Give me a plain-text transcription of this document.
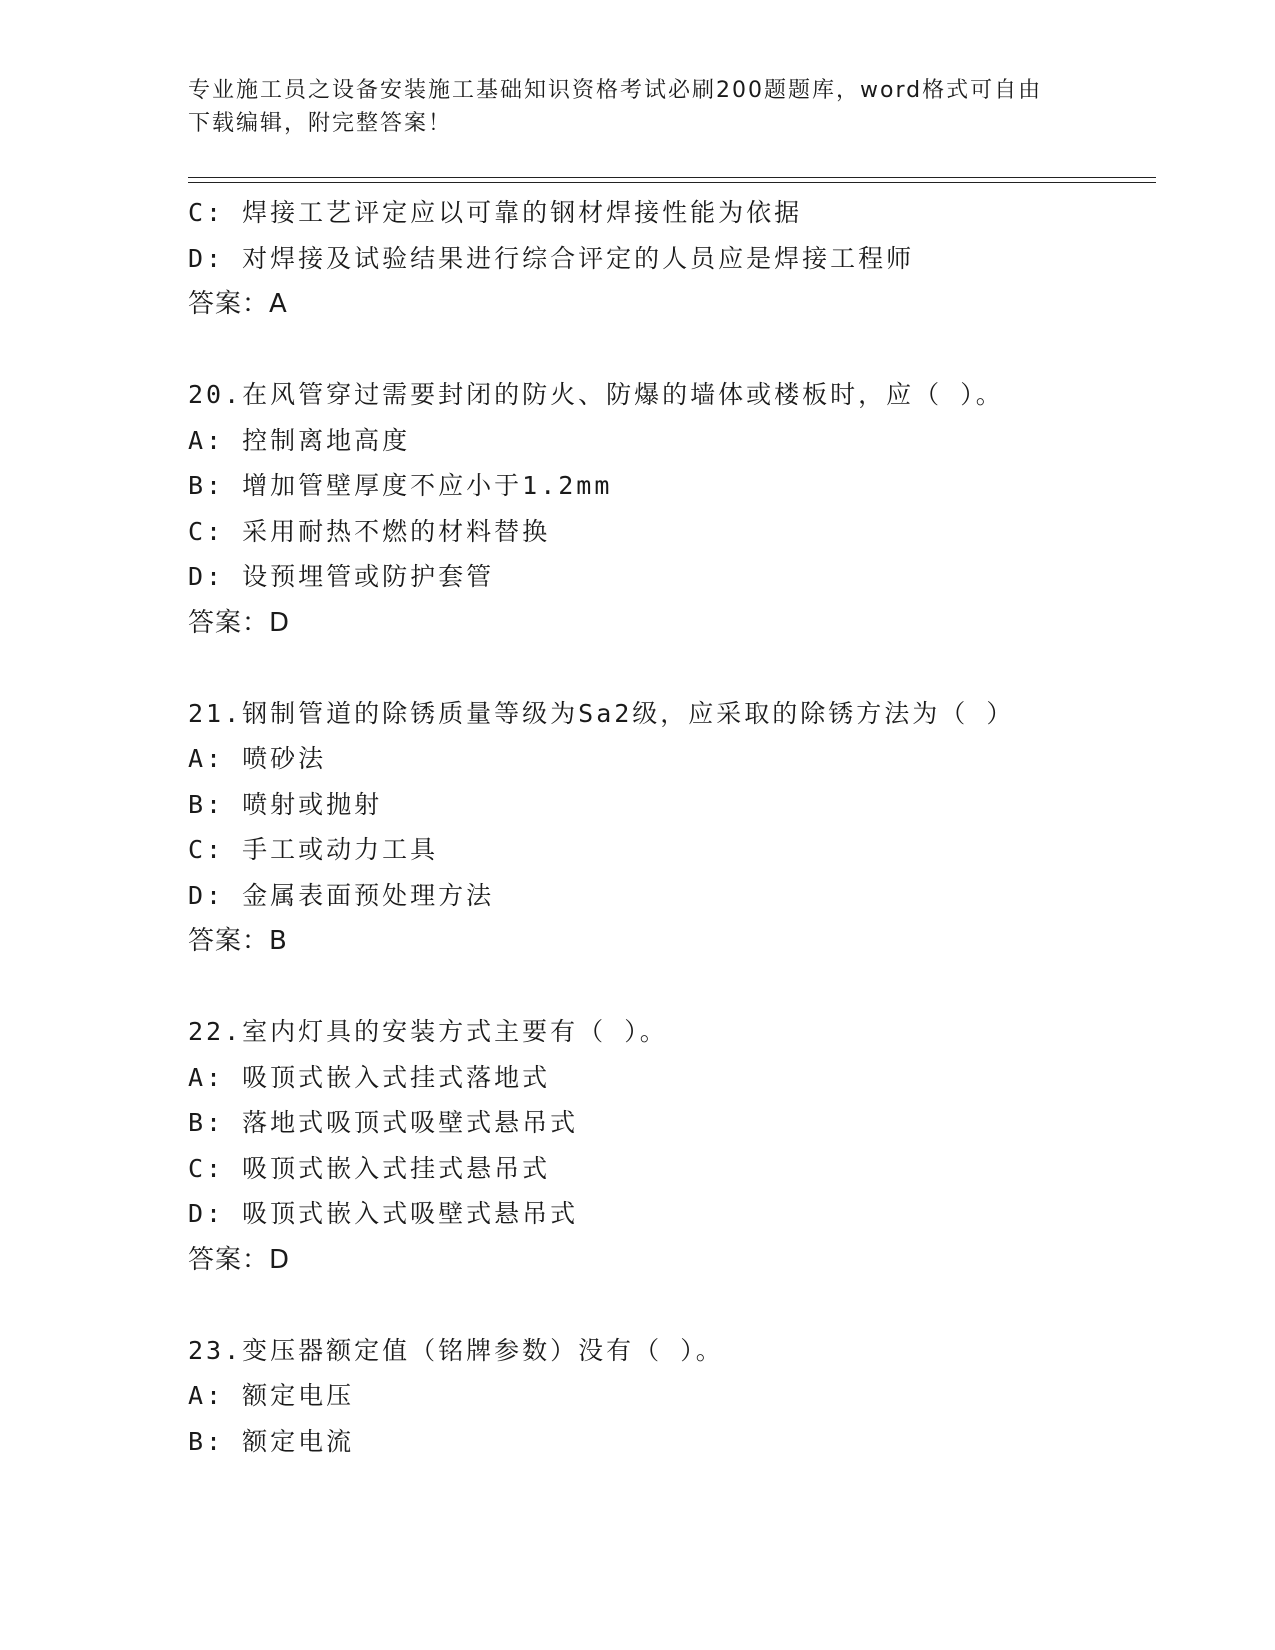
专业施工员之设备安装施工基础知识资格考试必刷200题题库，word格式可自由
下载编辑，附完整答案！
C: 焊接工艺评定应以可靠的钢材焊接性能为依据
D: 对焊接及试验结果进行综合评定的人员应是焊接工程师
答案：A
20.在风管穿过需要封闭的防火、防爆的墙体或楼板时，应（ ）。
A: 控制离地高度
B: 增加管壁厚度不应小于1.2mm
C: 采用耐热不燃的材料替换
D: 设预埋管或防护套管
答案：D
21.钢制管道的除锈质量等级为Sa2级，应采取的除锈方法为（ ）
A: 喷砂法
B: 喷射或抛射
C: 手工或动力工具
D: 金属表面预处理方法
答案：B
22.室内灯具的安装方式主要有（ ）。
A: 吸顶式嵌入式挂式落地式
B: 落地式吸顶式吸壁式悬吊式
C: 吸顶式嵌入式挂式悬吊式
D: 吸顶式嵌入式吸壁式悬吊式
答案：D
23.变压器额定值（铭牌参数）没有（ ）。
A: 额定电压
B: 额定电流
